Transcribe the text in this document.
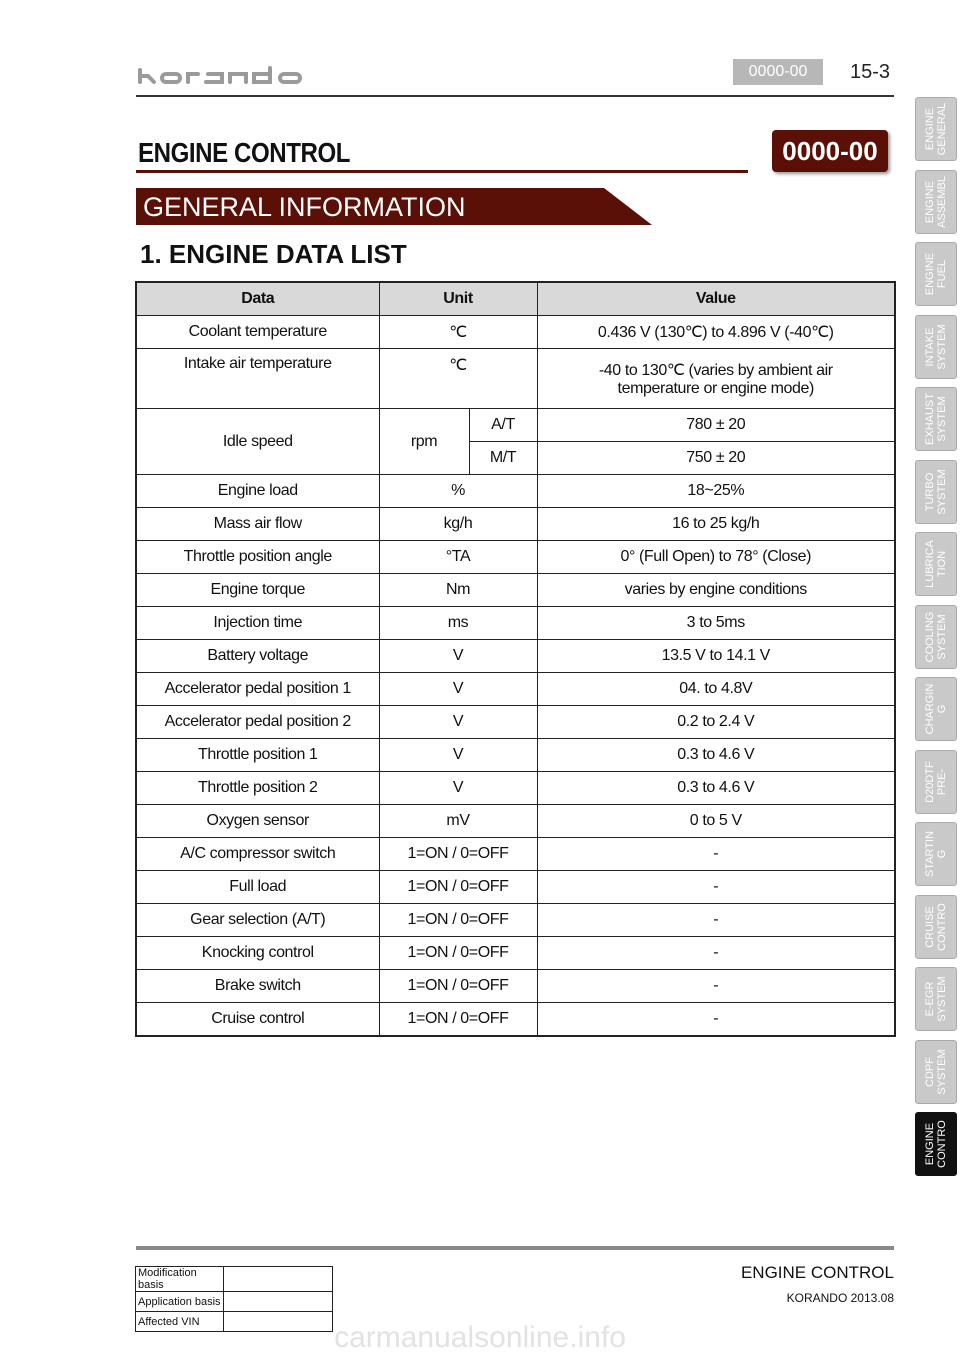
0000-00	15-3
ENGINE CONTROL	0000-00
GENERAL INFORMATION
1. ENGINE DATA LIST
Data	Unit		Value
Coolant temperature	℃		0.436 V (130℃) to 4.896 V (-40℃)
Intake air temperature	℃		-40 to 130℃ (varies by ambient air
temperature or engine mode)

Idle speed	rpm	A/T	780 ± 20
		M/T	750 ± 20
Engine load	%		18~25%
Mass air flow	kg/h		16 to 25 kg/h
Throttle position angle	°TA		0° (Full Open) to 78° (Close)
Engine torque	Nm		varies by engine conditions
Injection time	ms		3 to 5ms
Battery voltage	V		13.5 V to 14.1 V
Accelerator pedal position 1	V		04. to 4.8V
Accelerator pedal position 2	V		0.2 to 2.4 V
Throttle position 1	V		0.3 to 4.6 V
Throttle position 2	V		0.3 to 4.6 V
Oxygen sensor	mV		0 to 5 V
A/C compressor switch	1=ON / 0=OFF		-
Full load	1=ON / 0=OFF		-
Gear selection (A/T)	1=ON / 0=OFF		-
Knocking control	1=ON / 0=OFF		-
Brake switch	1=ON / 0=OFF		-
Cruise control	1=ON / 0=OFF		-
ENGINE
GENERAL
ENGINE
ASSEMBL
ENGINE
FUEL
INTAKE
SYSTEM
EXHAUST
SYSTEM
TURBO
SYSTEM
LUBRICA
TION
COOLING
SYSTEM
CHARGIN
G
D20DTF
PRE-
STARTIN
G
CRUISE
CONTRO
E-EGR
SYSTEM
CDPF
SYSTEM
ENGINE
CONTRO
Modification basis	
Application basis	
Affected VIN	
ENGINE CONTROL
KORANDO 2013.08
carmanualsonline.info
